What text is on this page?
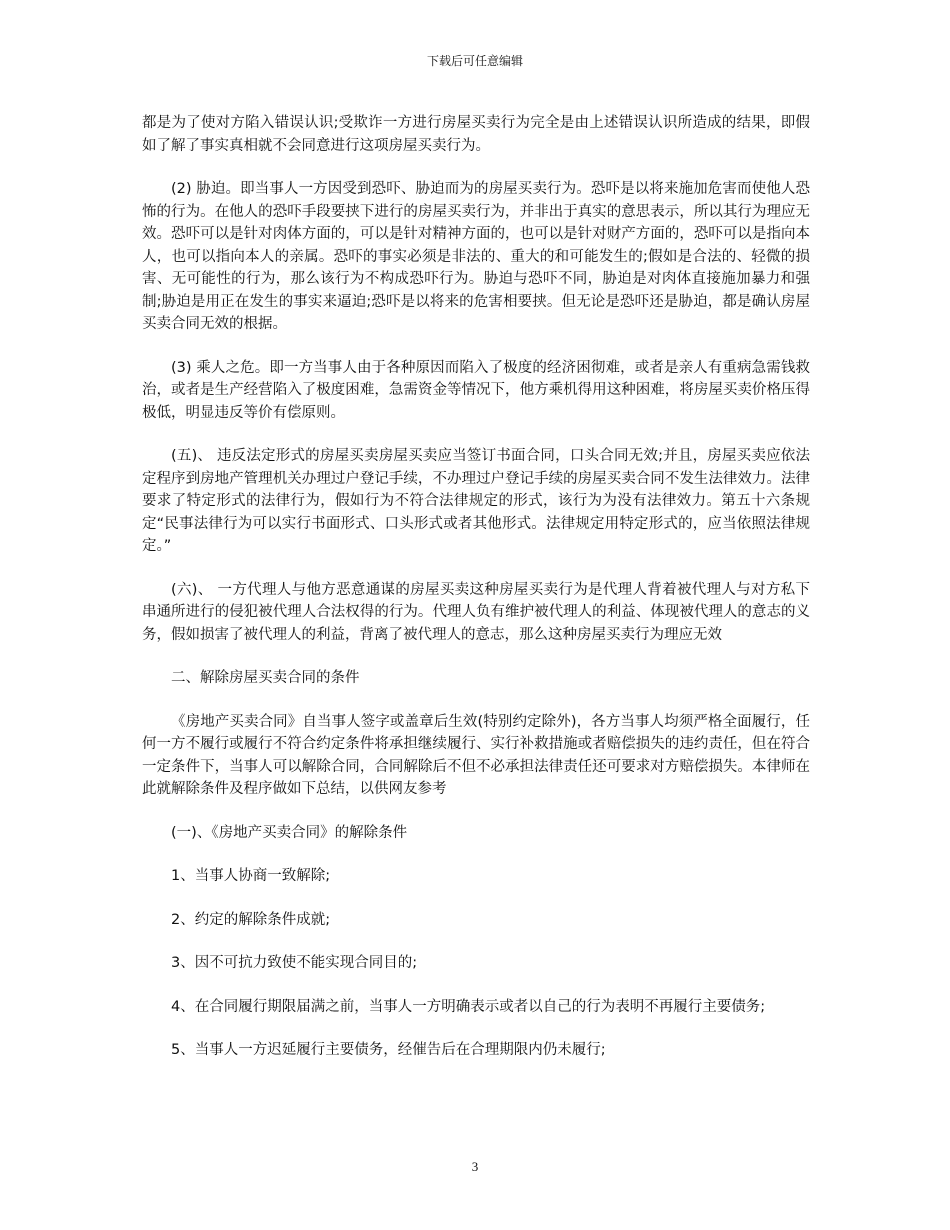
下载后可任意编辑

都是为了使对方陷入错误认识;受欺诈一方进行房屋买卖行为完全是由上述错误认识所造成的结果，即假如了解了事实真相就不会同意进行这项房屋买卖行为。

(2) 胁迫。即当事人一方因受到恐吓、胁迫而为的房屋买卖行为。恐吓是以将来施加危害而使他人恐怖的行为。在他人的恐吓手段要挟下进行的房屋买卖行为，并非出于真实的意思表示，所以其行为理应无效。恐吓可以是针对肉体方面的，可以是针对精神方面的，也可以是针对财产方面的，恐吓可以是指向本人，也可以指向本人的亲属。恐吓的事实必须是非法的、重大的和可能发生的;假如是合法的、轻微的损害、无可能性的行为，那么该行为不构成恐吓行为。胁迫与恐吓不同，胁迫是对肉体直接施加暴力和强制;胁迫是用正在发生的事实来逼迫;恐吓是以将来的危害相要挟。但无论是恐吓还是胁迫，都是确认房屋买卖合同无效的根据。

(3) 乘人之危。即一方当事人由于各种原因而陷入了极度的经济困彻难，或者是亲人有重病急需钱救治，或者是生产经营陷入了极度困难，急需资金等情况下，他方乘机得用这种困难，将房屋买卖价格压得极低，明显违反等价有偿原则。

(五)、 违反法定形式的房屋买卖房屋买卖应当签订书面合同，口头合同无效;并且，房屋买卖应依法定程序到房地产管理机关办理过户登记手续，不办理过户登记手续的房屋买卖合同不发生法律效力。法律要求了特定形式的法律行为，假如行为不符合法律规定的形式，该行为为没有法律效力。第五十六条规定“民事法律行为可以实行书面形式、口头形式或者其他形式。法律规定用特定形式的，应当依照法律规定。”

(六)、 一方代理人与他方恶意通谋的房屋买卖这种房屋买卖行为是代理人背着被代理人与对方私下串通所进行的侵犯被代理人合法权得的行为。代理人负有维护被代理人的利益、体现被代理人的意志的义务，假如损害了被代理人的利益，背离了被代理人的意志，那么这种房屋买卖行为理应无效

二、解除房屋买卖合同的条件

《房地产买卖合同》自当事人签字或盖章后生效(特别约定除外)，各方当事人均须严格全面履行，任何一方不履行或履行不符合约定条件将承担继续履行、实行补救措施或者赔偿损失的违约责任，但在符合一定条件下，当事人可以解除合同，合同解除后不但不必承担法律责任还可要求对方赔偿损失。本律师在此就解除条件及程序做如下总结，以供网友参考

(一)、《房地产买卖合同》的解除条件

1、当事人协商一致解除;

2、约定的解除条件成就;

3、因不可抗力致使不能实现合同目的;

4、在合同履行期限届满之前，当事人一方明确表示或者以自己的行为表明不再履行主要债务;

5、当事人一方迟延履行主要债务，经催告后在合理期限内仍未履行;

3
